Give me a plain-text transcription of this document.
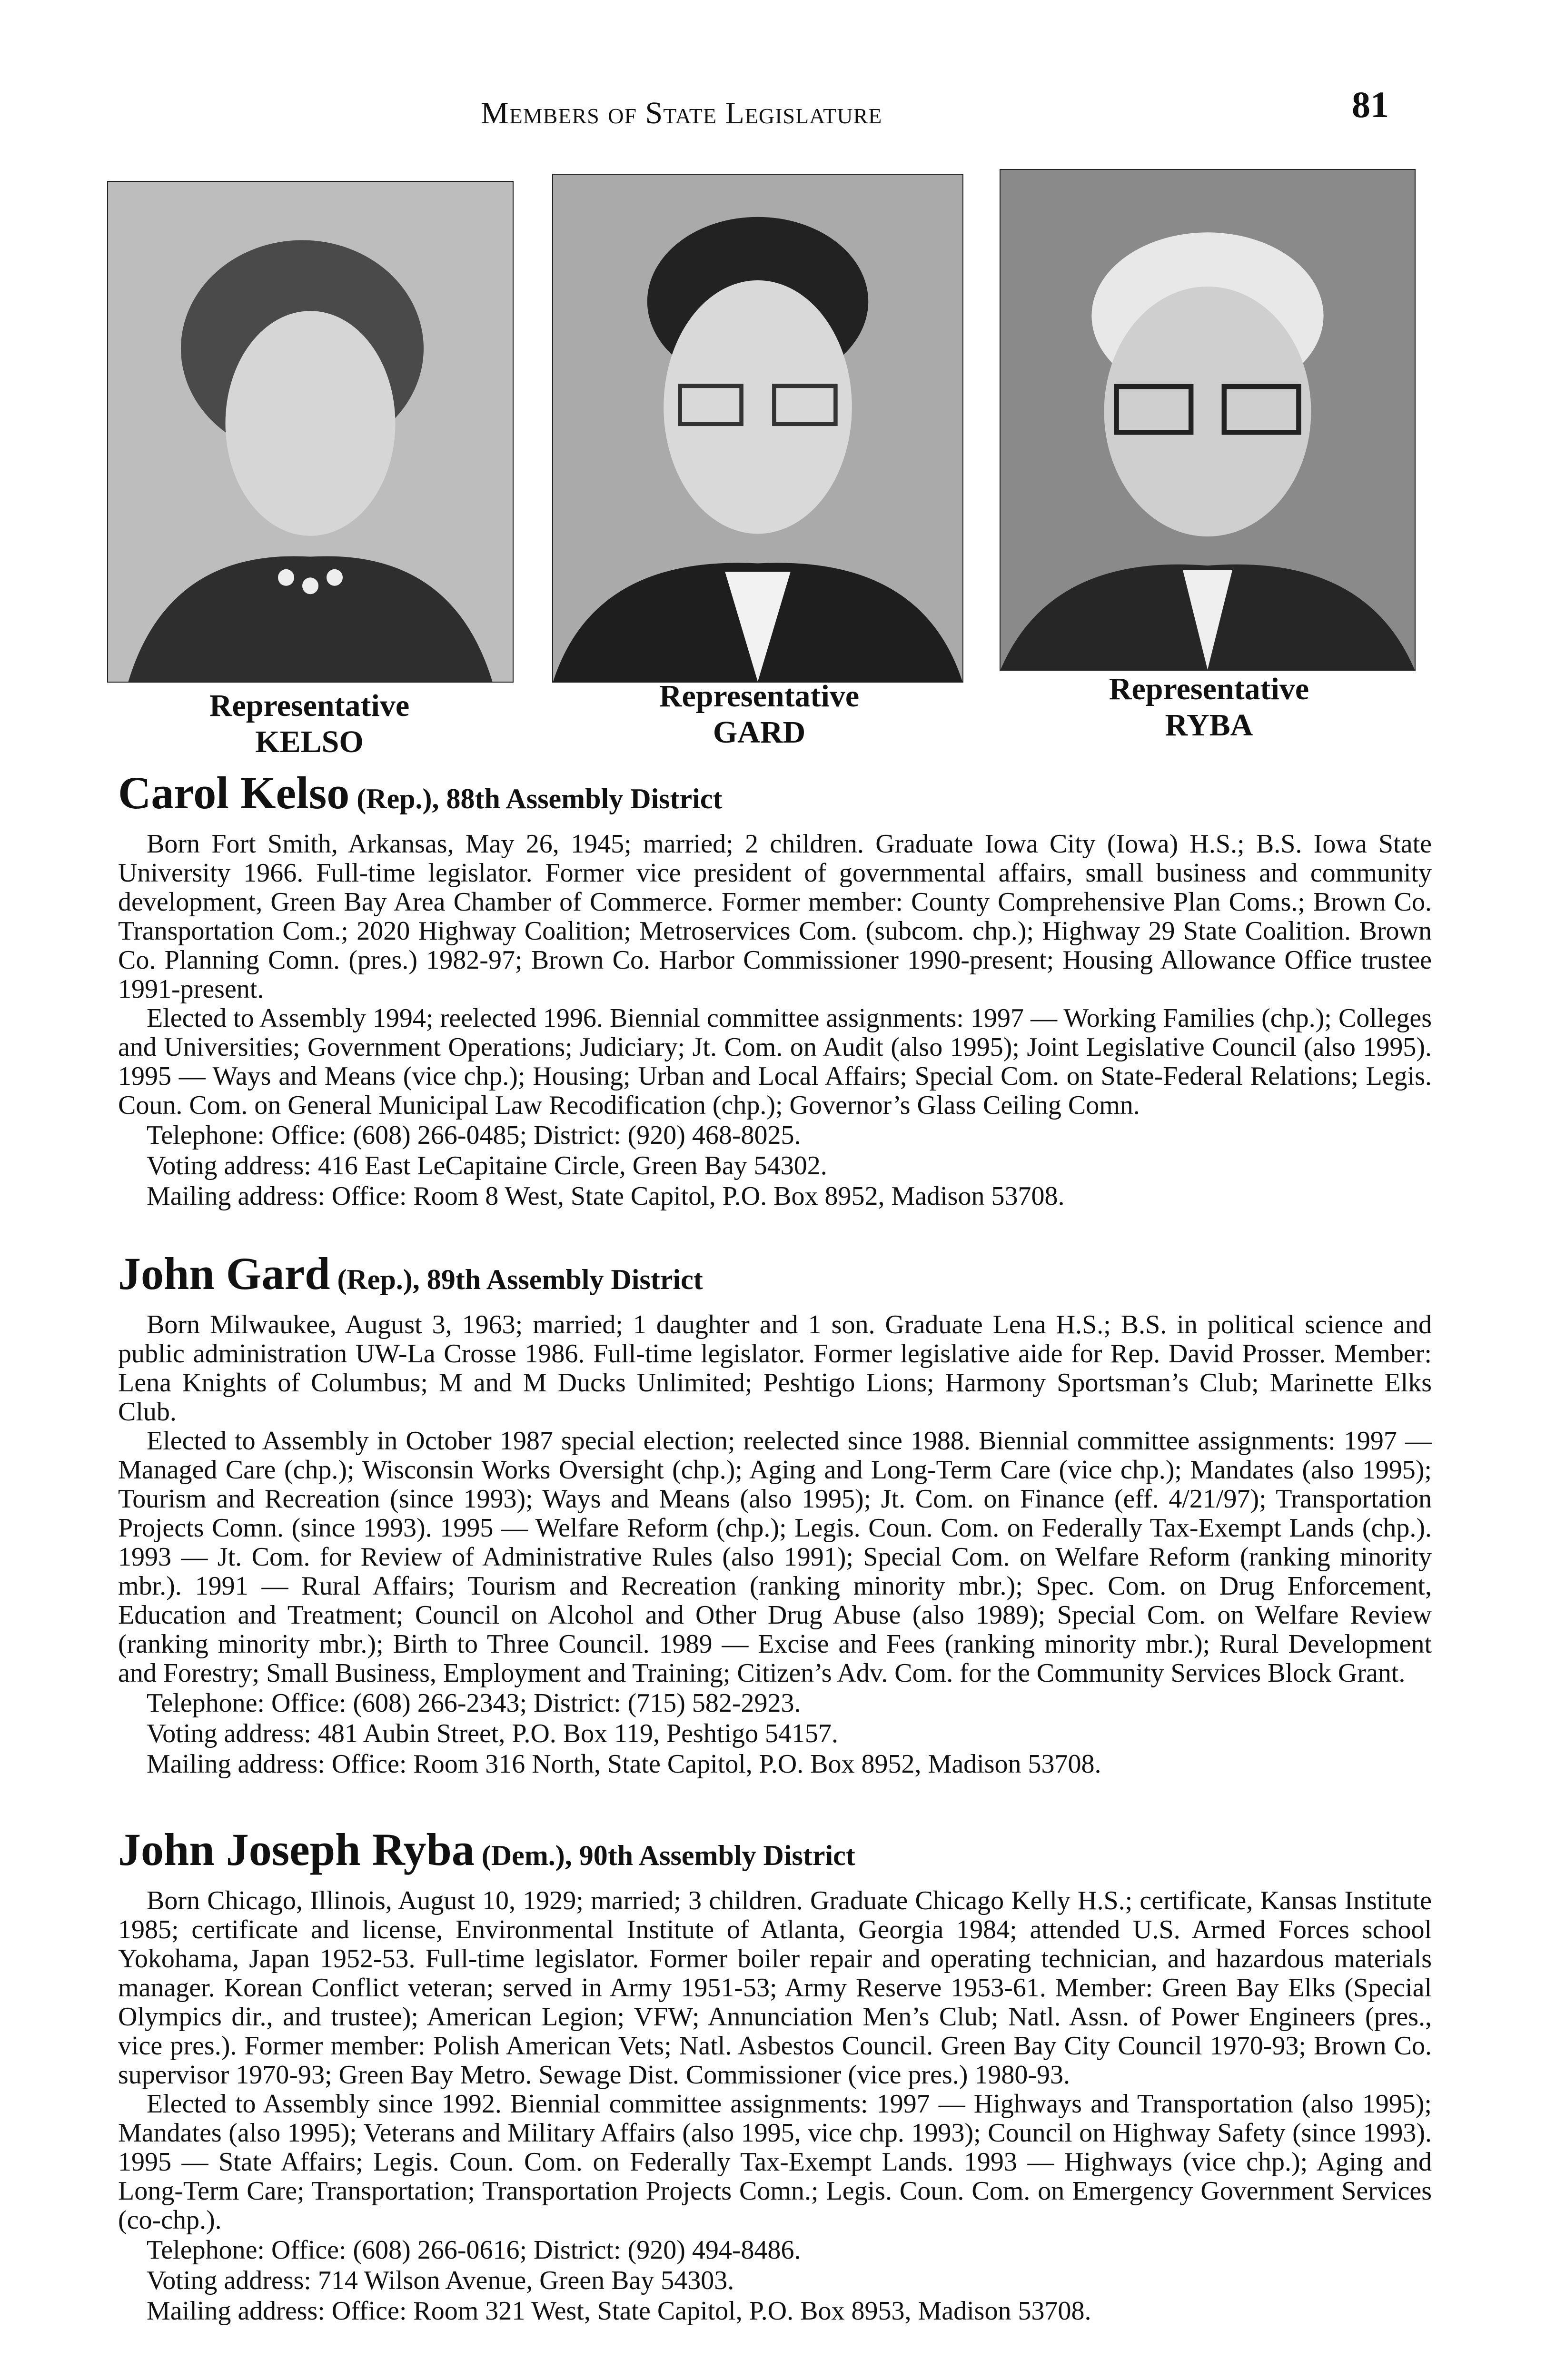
Members of State Legislature	81
Representative
KELSO
Representative
GARD
Representative
RYBA
Carol Kelso (Rep.), 88th Assembly District

Born Fort Smith, Arkansas, May 26, 1945; married; 2 children. Graduate Iowa City (Iowa) H.S.; B.S. Iowa State University 1966. Full-time legislator. Former vice president of governmental affairs, small business and community development, Green Bay Area Chamber of Commerce. Former member: County Comprehensive Plan Coms.; Brown Co. Transportation Com.; 2020 Highway Coalition; Metroservices Com. (subcom. chp.); Highway 29 State Coalition. Brown Co. Planning Comn. (pres.) 1982-97; Brown Co. Harbor Commissioner 1990-present; Housing Allowance Office trustee 1991-present.

Elected to Assembly 1994; reelected 1996. Biennial committee assignments: 1997 — Working Families (chp.); Colleges and Universities; Government Operations; Judiciary; Jt. Com. on Audit (also 1995); Joint Legislative Council (also 1995). 1995 — Ways and Means (vice chp.); Housing; Urban and Local Affairs; Special Com. on State-Federal Relations; Legis. Coun. Com. on General Municipal Law Recodification (chp.); Governor’s Glass Ceiling Comn.

Telephone: Office: (608) 266-0485; District: (920) 468-8025.

Voting address: 416 East LeCapitaine Circle, Green Bay 54302.

Mailing address: Office: Room 8 West, State Capitol, P.O. Box 8952, Madison 53708.

John Gard (Rep.), 89th Assembly District

Born Milwaukee, August 3, 1963; married; 1 daughter and 1 son. Graduate Lena H.S.; B.S. in political science and public administration UW-La Crosse 1986. Full-time legislator. Former legislative aide for Rep. David Prosser. Member: Lena Knights of Columbus; M and M Ducks Unlimited; Peshtigo Lions; Harmony Sportsman’s Club; Marinette Elks Club.

Elected to Assembly in October 1987 special election; reelected since 1988. Biennial committee assignments: 1997 — Managed Care (chp.); Wisconsin Works Oversight (chp.); Aging and Long-Term Care (vice chp.); Mandates (also 1995); Tourism and Recreation (since 1993); Ways and Means (also 1995); Jt. Com. on Finance (eff. 4/21/97); Transportation Projects Comn. (since 1993). 1995 — Welfare Reform (chp.); Legis. Coun. Com. on Federally Tax-Exempt Lands (chp.). 1993 — Jt. Com. for Review of Administrative Rules (also 1991); Special Com. on Welfare Reform (ranking minority mbr.). 1991 — Rural Affairs; Tourism and Recreation (ranking minority mbr.); Spec. Com. on Drug Enforcement, Education and Treatment; Council on Alcohol and Other Drug Abuse (also 1989); Special Com. on Welfare Review (ranking minority mbr.); Birth to Three Council. 1989 — Excise and Fees (ranking minority mbr.); Rural Development and Forestry; Small Business, Employment and Training; Citizen’s Adv. Com. for the Community Services Block Grant.

Telephone: Office: (608) 266-2343; District: (715) 582-2923.

Voting address: 481 Aubin Street, P.O. Box 119, Peshtigo 54157.

Mailing address: Office: Room 316 North, State Capitol, P.O. Box 8952, Madison 53708.

John Joseph Ryba (Dem.), 90th Assembly District

Born Chicago, Illinois, August 10, 1929; married; 3 children. Graduate Chicago Kelly H.S.; certificate, Kansas Institute 1985; certificate and license, Environmental Institute of Atlanta, Georgia 1984; attended U.S. Armed Forces school Yokohama, Japan 1952-53. Full-time legislator. Former boiler repair and operating technician, and hazardous materials manager. Korean Conflict veteran; served in Army 1951-53; Army Reserve 1953-61. Member: Green Bay Elks (Special Olympics dir., and trustee); American Legion; VFW; Annunciation Men’s Club; Natl. Assn. of Power Engineers (pres., vice pres.). Former member: Polish American Vets; Natl. Asbestos Council. Green Bay City Council 1970-93; Brown Co. supervisor 1970-93; Green Bay Metro. Sewage Dist. Commissioner (vice pres.) 1980-93.

Elected to Assembly since 1992. Biennial committee assignments: 1997 — Highways and Transportation (also 1995); Mandates (also 1995); Veterans and Military Affairs (also 1995, vice chp. 1993); Council on Highway Safety (since 1993). 1995 — State Affairs; Legis. Coun. Com. on Federally Tax-Exempt Lands. 1993 — Highways (vice chp.); Aging and Long-Term Care; Transportation; Transportation Projects Comn.; Legis. Coun. Com. on Emergency Government Services (co-chp.).

Telephone: Office: (608) 266-0616; District: (920) 494-8486.

Voting address: 714 Wilson Avenue, Green Bay 54303.

Mailing address: Office: Room 321 West, State Capitol, P.O. Box 8953, Madison 53708.
